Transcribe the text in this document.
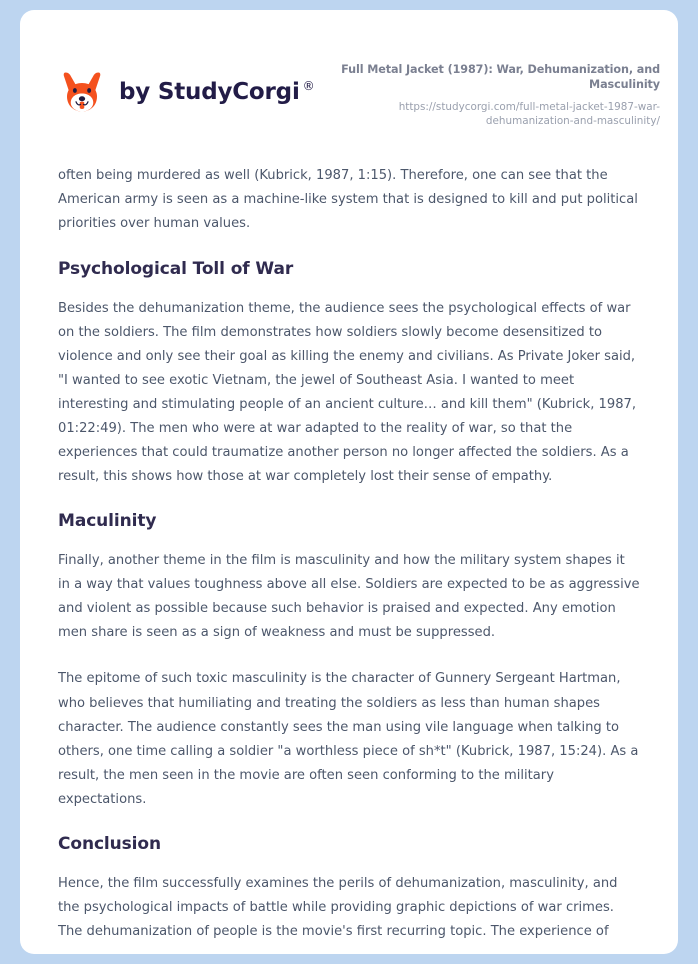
by StudyCorgi ®
Full Metal Jacket (1987): War, Dehumanization, and Masculinity
https://studycorgi.com/full-metal-jacket-1987-war-dehumanization-and-masculinity/

often being murdered as well (Kubrick, 1987, 1:15). Therefore, one can see that the American army is seen as a machine-like system that is designed to kill and put political priorities over human values.

Psychological Toll of War

Besides the dehumanization theme, the audience sees the psychological effects of war on the soldiers. The film demonstrates how soldiers slowly become desensitized to violence and only see their goal as killing the enemy and civilians. As Private Joker said, "I wanted to see exotic Vietnam, the jewel of Southeast Asia. I wanted to meet interesting and stimulating people of an ancient culture… and kill them" (Kubrick, 1987, 01:22:49). The men who were at war adapted to the reality of war, so that the experiences that could traumatize another person no longer affected the soldiers. As a result, this shows how those at war completely lost their sense of empathy.

Maculinity

Finally, another theme in the film is masculinity and how the military system shapes it in a way that values toughness above all else. Soldiers are expected to be as aggressive and violent as possible because such behavior is praised and expected. Any emotion men share is seen as a sign of weakness and must be suppressed.

The epitome of such toxic masculinity is the character of Gunnery Sergeant Hartman, who believes that humiliating and treating the soldiers as less than human shapes character. The audience constantly sees the man using vile language when talking to others, one time calling a soldier "a worthless piece of sh*t" (Kubrick, 1987, 15:24). As a result, the men seen in the movie are often seen conforming to the military expectations.

Conclusion

Hence, the film successfully examines the perils of dehumanization, masculinity, and the psychological impacts of battle while providing graphic depictions of war crimes. The dehumanization of people is the movie's first recurring topic. The experience of
